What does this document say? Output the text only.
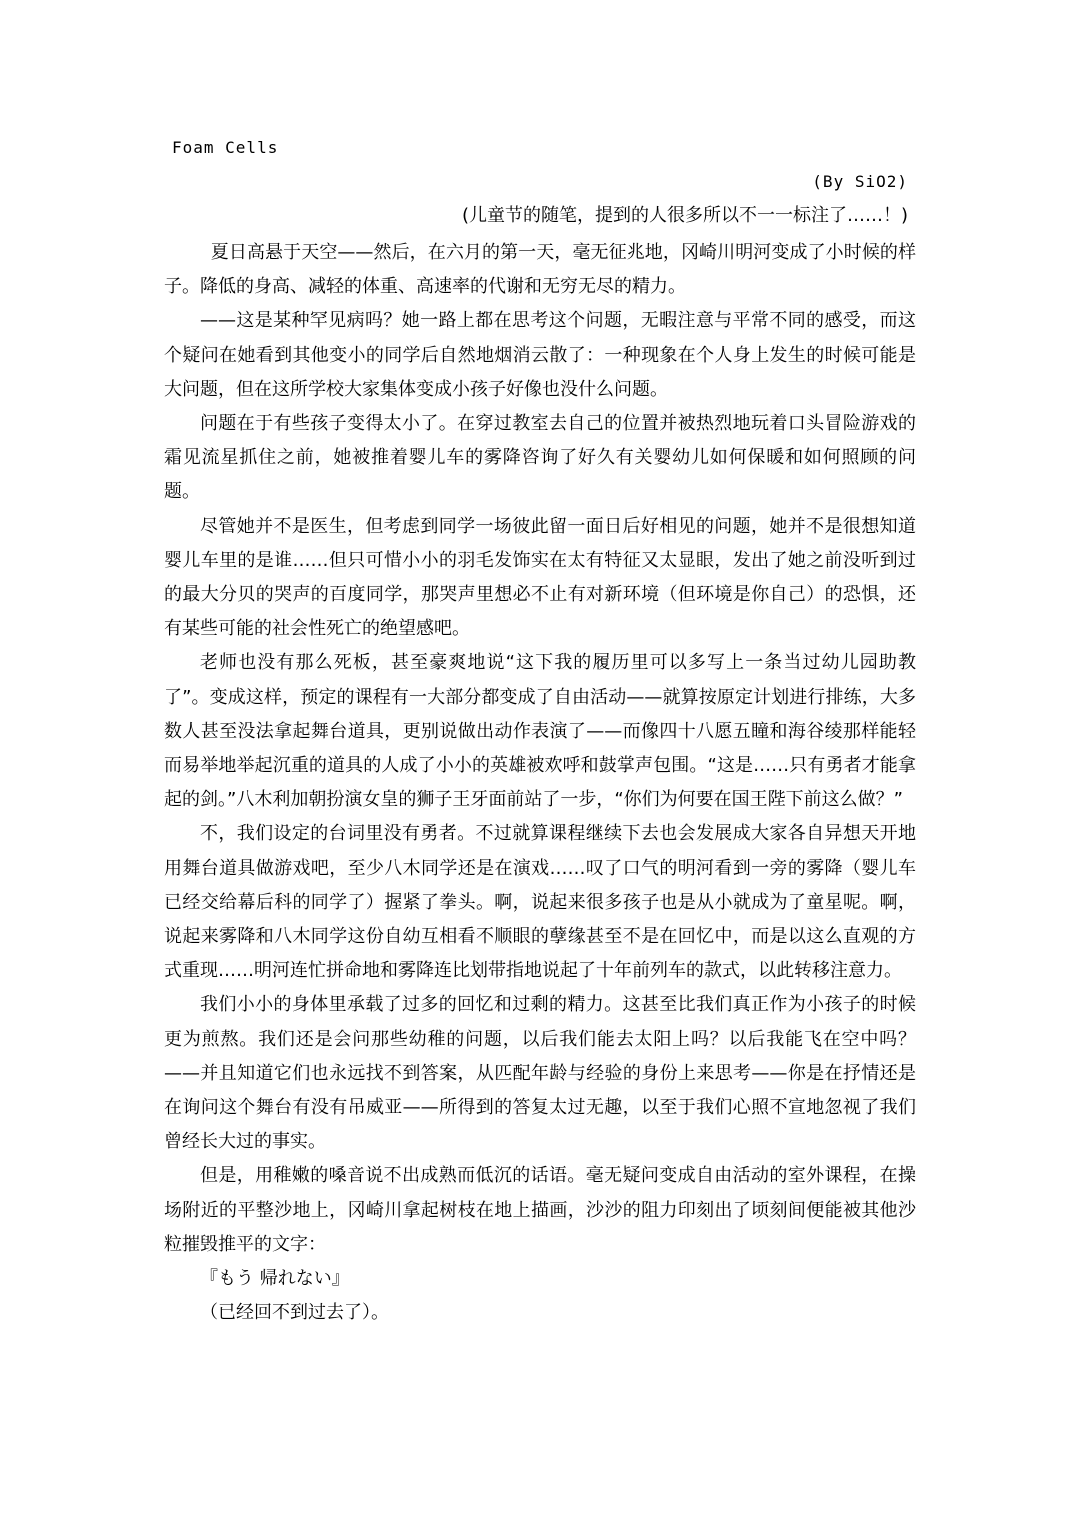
Foam Cells
(By SiO2)
(儿童节的随笔，提到的人很多所以不一一标注了……！)

夏日高悬于天空——然后，在六月的第一天，毫无征兆地，冈崎川明河变成了小时候的样子。降低的身高、减轻的体重、高速率的代谢和无穷无尽的精力。

——这是某种罕见病吗？她一路上都在思考这个问题，无暇注意与平常不同的感受，而这个疑问在她看到其他变小的同学后自然地烟消云散了：一种现象在个人身上发生的时候可能是大问题，但在这所学校大家集体变成小孩子好像也没什么问题。

问题在于有些孩子变得太小了。在穿过教室去自己的位置并被热烈地玩着口头冒险游戏的霜见流星抓住之前，她被推着婴儿车的雾降咨询了好久有关婴幼儿如何保暖和如何照顾的问题。

尽管她并不是医生，但考虑到同学一场彼此留一面日后好相见的问题，她并不是很想知道婴儿车里的是谁……但只可惜小小的羽毛发饰实在太有特征又太显眼，发出了她之前没听到过的最大分贝的哭声的百度同学，那哭声里想必不止有对新环境（但环境是你自己）的恐惧，还有某些可能的社会性死亡的绝望感吧。

老师也没有那么死板，甚至豪爽地说“这下我的履历里可以多写上一条当过幼儿园助教了”。变成这样，预定的课程有一大部分都变成了自由活动——就算按原定计划进行排练，大多数人甚至没法拿起舞台道具，更别说做出动作表演了——而像四十八愿五瞳和海谷绫那样能轻而易举地举起沉重的道具的人成了小小的英雄被欢呼和鼓掌声包围。“这是……只有勇者才能拿起的剑。”八木利加朝扮演女皇的狮子王牙面前站了一步，“你们为何要在国王陛下前这么做？”

不，我们设定的台词里没有勇者。不过就算课程继续下去也会发展成大家各自异想天开地用舞台道具做游戏吧，至少八木同学还是在演戏……叹了口气的明河看到一旁的雾降（婴儿车已经交给幕后科的同学了）握紧了拳头。啊，说起来很多孩子也是从小就成为了童星呢。啊，说起来雾降和八木同学这份自幼互相看不顺眼的孽缘甚至不是在回忆中，而是以这么直观的方式重现……明河连忙拼命地和雾降连比划带指地说起了十年前列车的款式，以此转移注意力。

我们小小的身体里承载了过多的回忆和过剩的精力。这甚至比我们真正作为小孩子的时候更为煎熬。我们还是会问那些幼稚的问题，以后我们能去太阳上吗？以后我能飞在空中吗？——并且知道它们也永远找不到答案，从匹配年龄与经验的身份上来思考——你是在抒情还是在询问这个舞台有没有吊威亚——所得到的答复太过无趣，以至于我们心照不宣地忽视了我们曾经长大过的事实。

但是，用稚嫩的嗓音说不出成熟而低沉的话语。毫无疑问变成自由活动的室外课程，在操场附近的平整沙地上，冈崎川拿起树枝在地上描画，沙沙的阻力印刻出了顷刻间便能被其他沙粒摧毁推平的文字：

『もう 帰れない』

（已经回不到过去了）。
